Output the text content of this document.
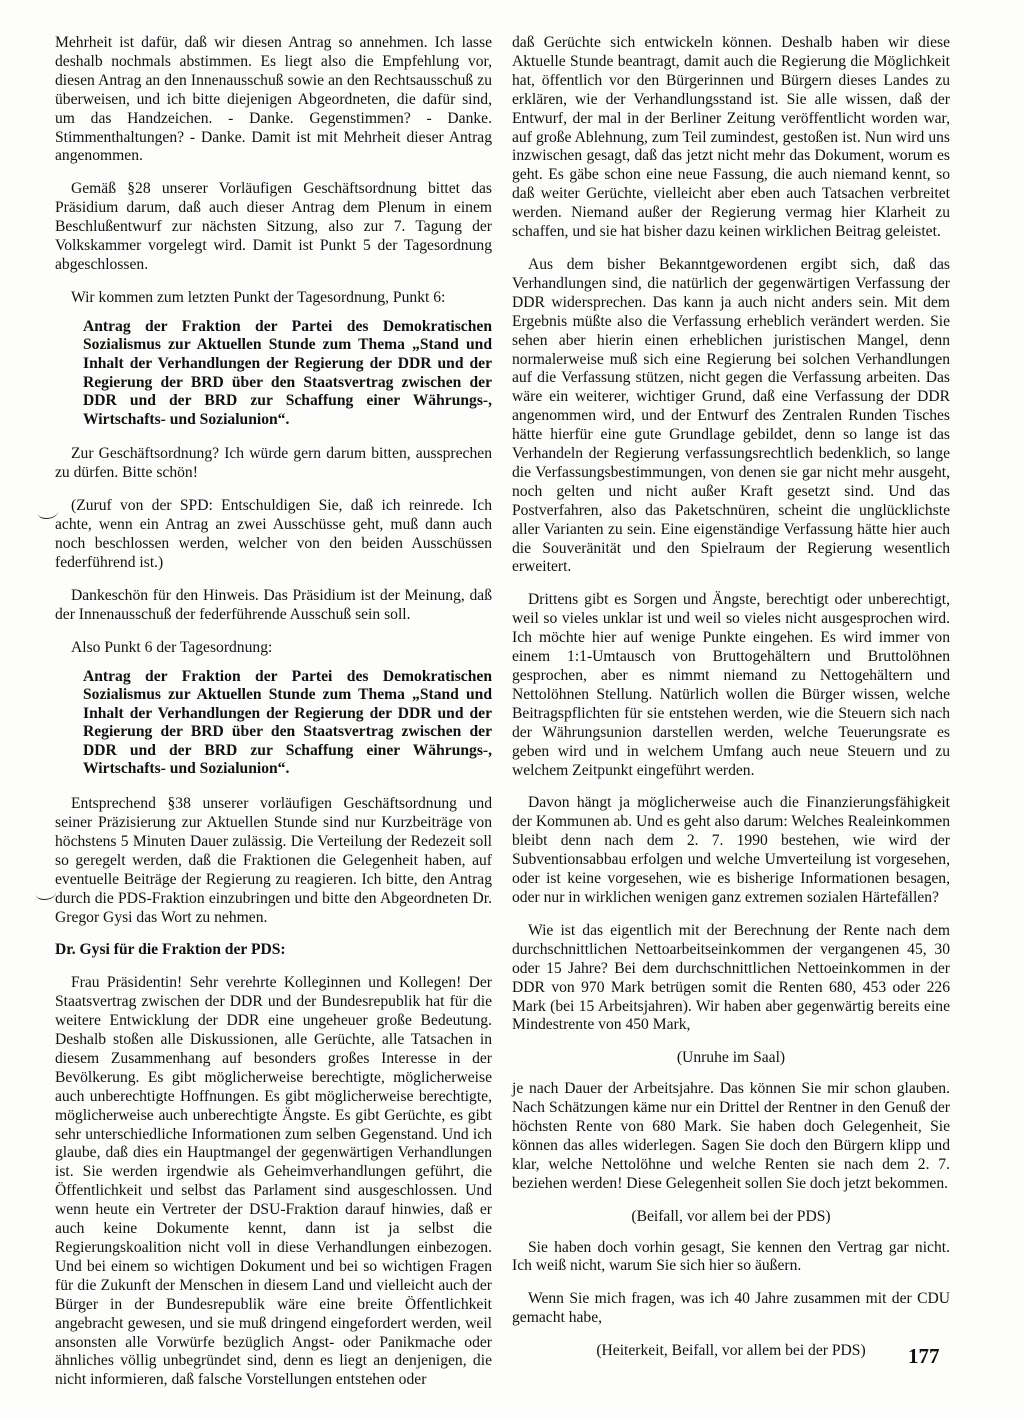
Mehrheit ist dafür, daß wir diesen Antrag so annehmen. Ich lasse deshalb nochmals abstimmen. Es liegt also die Empfehlung vor, diesen Antrag an den Innenausschuß sowie an den Rechtsausschuß zu überweisen, und ich bitte diejenigen Abgeordneten, die dafür sind, um das Handzeichen. - Danke. Gegenstimmen? - Danke. Stimmenthaltungen? - Danke. Damit ist mit Mehrheit dieser Antrag angenommen.

Gemäß §28 unserer Vorläufigen Geschäftsordnung bittet das Präsidium darum, daß auch dieser Antrag dem Plenum in einem Beschlußentwurf zur nächsten Sitzung, also zur 7. Tagung der Volkskammer vorgelegt wird. Damit ist Punkt 5 der Tagesordnung abgeschlossen.

Wir kommen zum letzten Punkt der Tagesordnung, Punkt 6:

Antrag der Fraktion der Partei des Demokratischen Sozialismus zur Aktuellen Stunde zum Thema „Stand und Inhalt der Verhandlungen der Regierung der DDR und der Regierung der BRD über den Staatsvertrag zwischen der DDR und der BRD zur Schaffung einer Währungs-, Wirtschafts- und Sozialunion“.

Zur Geschäftsordnung? Ich würde gern darum bitten, aussprechen zu dürfen. Bitte schön!

(Zuruf von der SPD: Entschuldigen Sie, daß ich reinrede. Ich achte, wenn ein Antrag an zwei Ausschüsse geht, muß dann auch noch beschlossen werden, welcher von den beiden Ausschüssen federführend ist.)

Dankeschön für den Hinweis. Das Präsidium ist der Meinung, daß der Innenausschuß der federführende Ausschuß sein soll.

Also Punkt 6 der Tagesordnung:

Antrag der Fraktion der Partei des Demokratischen Sozialismus zur Aktuellen Stunde zum Thema „Stand und Inhalt der Verhandlungen der Regierung der DDR und der Regierung der BRD über den Staatsvertrag zwischen der DDR und der BRD zur Schaffung einer Währungs-, Wirtschafts- und Sozialunion“.

Entsprechend §38 unserer vorläufigen Geschäftsordnung und seiner Präzisierung zur Aktuellen Stunde sind nur Kurzbeiträge von höchstens 5 Minuten Dauer zulässig. Die Verteilung der Redezeit soll so geregelt werden, daß die Fraktionen die Gelegenheit haben, auf eventuelle Beiträge der Regierung zu reagieren. Ich bitte, den Antrag durch die PDS-Fraktion einzubringen und bitte den Abgeordneten Dr. Gregor Gysi das Wort zu nehmen.

Dr. Gysi für die Fraktion der PDS:

Frau Präsidentin! Sehr verehrte Kolleginnen und Kollegen! Der Staatsvertrag zwischen der DDR und der Bundesrepublik hat für die weitere Entwicklung der DDR eine ungeheuer große Bedeutung. Deshalb stoßen alle Diskussionen, alle Gerüchte, alle Tatsachen in diesem Zusammenhang auf besonders großes Interesse in der Bevölkerung. Es gibt möglicherweise berechtigte, möglicherweise auch unberechtigte Hoffnungen. Es gibt möglicherweise berechtigte, möglicherweise auch unberechtigte Ängste. Es gibt Gerüchte, es gibt sehr unterschiedliche Informationen zum selben Gegenstand. Und ich glaube, daß dies ein Hauptmangel der gegenwärtigen Verhandlungen ist. Sie werden irgendwie als Geheimverhandlungen geführt, die Öffentlichkeit und selbst das Parlament sind ausgeschlossen. Und wenn heute ein Vertreter der DSU-Fraktion darauf hinwies, daß er auch keine Dokumente kennt, dann ist ja selbst die Regierungskoalition nicht voll in diese Verhandlungen einbezogen. Und bei einem so wichtigen Dokument und bei so wichtigen Fragen für die Zukunft der Menschen in diesem Land und vielleicht auch der Bürger in der Bundesrepublik wäre eine breite Öffentlichkeit angebracht gewesen, und sie muß dringend eingefordert werden, weil ansonsten alle Vorwürfe bezüglich Angst- oder Panikmache oder ähnliches völlig unbegründet sind, denn es liegt an denjenigen, die nicht informieren, daß falsche Vorstellungen entstehen oder

daß Gerüchte sich entwickeln können. Deshalb haben wir diese Aktuelle Stunde beantragt, damit auch die Regierung die Möglichkeit hat, öffentlich vor den Bürgerinnen und Bürgern dieses Landes zu erklären, wie der Verhandlungsstand ist. Sie alle wissen, daß der Entwurf, der mal in der Berliner Zeitung veröffentlicht worden war, auf große Ablehnung, zum Teil zumindest, gestoßen ist. Nun wird uns inzwischen gesagt, daß das jetzt nicht mehr das Dokument, worum es geht. Es gäbe schon eine neue Fassung, die auch niemand kennt, so daß weiter Gerüchte, vielleicht aber eben auch Tatsachen verbreitet werden. Niemand außer der Regierung vermag hier Klarheit zu schaffen, und sie hat bisher dazu keinen wirklichen Beitrag geleistet.

Aus dem bisher Bekanntgewordenen ergibt sich, daß das Verhandlungen sind, die natürlich der gegenwärtigen Verfassung der DDR widersprechen. Das kann ja auch nicht anders sein. Mit dem Ergebnis müßte also die Verfassung erheblich verändert werden. Sie sehen aber hierin einen erheblichen juristischen Mangel, denn normalerweise muß sich eine Regierung bei solchen Verhandlungen auf die Verfassung stützen, nicht gegen die Verfassung arbeiten. Das wäre ein weiterer, wichtiger Grund, daß eine Verfassung der DDR angenommen wird, und der Entwurf des Zentralen Runden Tisches hätte hierfür eine gute Grundlage gebildet, denn so lange ist das Verhandeln der Regierung verfassungsrechtlich bedenklich, so lange die Verfassungsbestimmungen, von denen sie gar nicht mehr ausgeht, noch gelten und nicht außer Kraft gesetzt sind. Und das Postverfahren, also das Paketschnüren, scheint die unglücklichste aller Varianten zu sein. Eine eigenständige Verfassung hätte hier auch die Souveränität und den Spielraum der Regierung wesentlich erweitert.

Drittens gibt es Sorgen und Ängste, berechtigt oder unberechtigt, weil so vieles unklar ist und weil so vieles nicht ausgesprochen wird. Ich möchte hier auf wenige Punkte eingehen. Es wird immer von einem 1:1-Umtausch von Bruttogehältern und Bruttolöhnen gesprochen, aber es nimmt niemand zu Nettogehältern und Nettolöhnen Stellung. Natürlich wollen die Bürger wissen, welche Beitragspflichten für sie entstehen werden, wie die Steuern sich nach der Währungsunion darstellen werden, welche Teuerungsrate es geben wird und in welchem Umfang auch neue Steuern und zu welchem Zeitpunkt eingeführt werden.

Davon hängt ja möglicherweise auch die Finanzierungsfähigkeit der Kommunen ab. Und es geht also darum: Welches Realeinkommen bleibt denn nach dem 2. 7. 1990 bestehen, wie wird der Subventionsabbau erfolgen und welche Umverteilung ist vorgesehen, oder ist keine vorgesehen, wie es bisherige Informationen besagen, oder nur in wirklichen wenigen ganz extremen sozialen Härtefällen?

Wie ist das eigentlich mit der Berechnung der Rente nach dem durchschnittlichen Nettoarbeitseinkommen der vergangenen 45, 30 oder 15 Jahre? Bei dem durchschnittlichen Nettoeinkommen in der DDR von 970 Mark betrügen somit die Renten 680, 453 oder 226 Mark (bei 15 Arbeitsjahren). Wir haben aber gegenwärtig bereits eine Mindestrente von 450 Mark,

(Unruhe im Saal)

je nach Dauer der Arbeitsjahre. Das können Sie mir schon glauben. Nach Schätzungen käme nur ein Drittel der Rentner in den Genuß der höchsten Rente von 680 Mark. Sie haben doch Gelegenheit, Sie können das alles widerlegen. Sagen Sie doch den Bürgern klipp und klar, welche Nettolöhne und welche Renten sie nach dem 2. 7. beziehen werden! Diese Gelegenheit sollen Sie doch jetzt bekommen.

(Beifall, vor allem bei der PDS)

Sie haben doch vorhin gesagt, Sie kennen den Vertrag gar nicht. Ich weiß nicht, warum Sie sich hier so äußern.

Wenn Sie mich fragen, was ich 40 Jahre zusammen mit der CDU gemacht habe,

(Heiterkeit, Beifall, vor allem bei der PDS)	177
